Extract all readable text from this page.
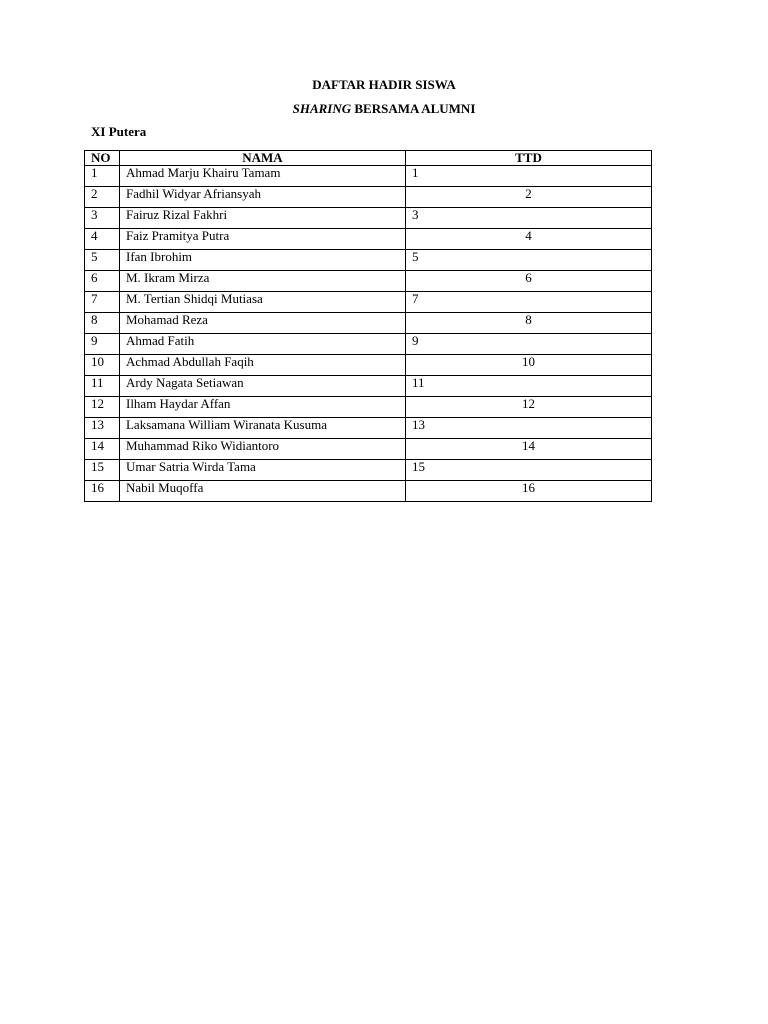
DAFTAR HADIR SISWA
SHARING BERSAMA ALUMNI
XI Putera
NO	NAMA	TTD
1	Ahmad Marju Khairu Tamam	1
2	Fadhil Widyar Afriansyah	2
3	Fairuz Rizal Fakhri	3
4	Faiz Pramitya Putra	4
5	Ifan Ibrohim	5
6	M. Ikram Mirza	6
7	M. Tertian Shidqi Mutiasa	7
8	Mohamad Reza	8
9	Ahmad Fatih	9
10	Achmad Abdullah Faqih	10
11	Ardy Nagata Setiawan	11
12	Ilham Haydar Affan	12
13	Laksamana William Wiranata Kusuma	13
14	Muhammad Riko Widiantoro	14
15	Umar Satria Wirda Tama	15
16	Nabil Muqoffa	16
